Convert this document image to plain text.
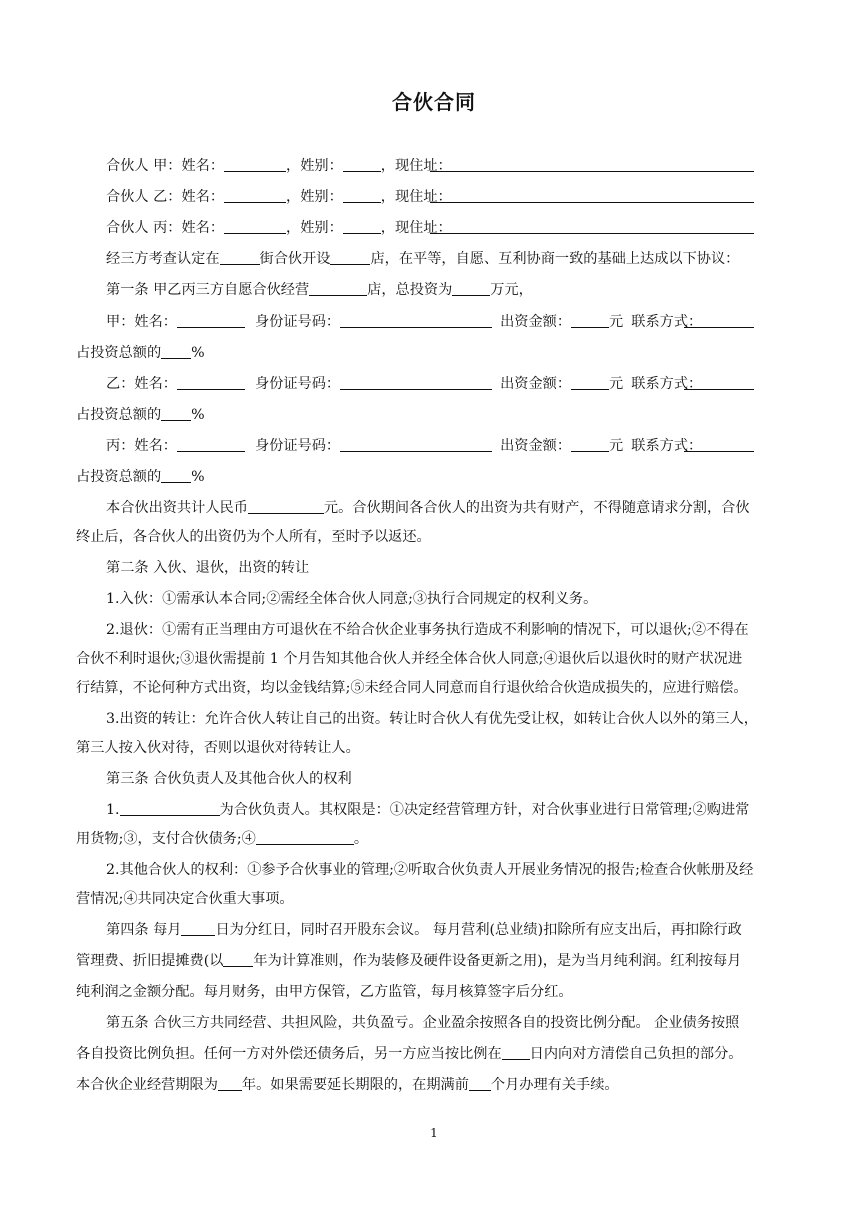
合伙合同
合伙人 甲：姓名：	，姓别：	，现住址：
合伙人 乙：姓名：	，姓别：	，现住址：
合伙人 丙：姓名：	，姓别：	，现住址：
经三方考查认定在	街合伙开设	店，在平等，自愿、互利协商一致的基础上达成以下协议：
第一条 甲乙丙三方自愿合伙经营	店，总投资为	万元，
甲：姓名：	身份证号码：	出资金额：	元 联系方式：
占投资总额的 %
乙：姓名：	身份证号码：	出资金额：	元 联系方式：
占投资总额的 %
丙：姓名：	身份证号码：	出资金额：	元 联系方式：
占投资总额的 %
本合伙出资共计人民币	元。合伙期间各合伙人的出资为共有财产，不得随意请求分割，合伙
终止后，各合伙人的出资仍为个人所有，至时予以返还。
第二条 入伙、退伙，出资的转让
1.入伙：①需承认本合同;②需经全体合伙人同意;③执行合同规定的权利义务。
2.退伙：①需有正当理由方可退伙在不给合伙企业事务执行造成不利影响的情况下，可以退伙;②不得在
合伙不利时退伙;③退伙需提前 1 个月告知其他合伙人并经全体合伙人同意;④退伙后以退伙时的财产状况进
行结算，不论何种方式出资，均以金钱结算;⑤未经合同人同意而自行退伙给合伙造成损失的，应进行赔偿。
3.出资的转让：允许合伙人转让自己的出资。转让时合伙人有优先受让权，如转让合伙人以外的第三人，
第三人按入伙对待，否则以退伙对待转让人。
第三条 合伙负责人及其他合伙人的权利
1.	为合伙负责人。其权限是：①决定经营管理方针，对合伙事业进行日常管理;②购进常
用货物;③，支付合伙债务;④	。
2.其他合伙人的权利：①参予合伙事业的管理;②听取合伙负责人开展业务情况的报告;检查合伙帐册及经
营情况;④共同决定合伙重大事项。
第四条 每月 日为分红日，同时召开股东会议。 每月营利(总业绩)扣除所有应支出后，再扣除行政
管理费、折旧提摊费(以 年为计算准则，作为装修及硬件设备更新之用)，是为当月纯利润。红利按每月
纯利润之金额分配。每月财务，由甲方保管，乙方监管，每月核算签字后分红。
第五条 合伙三方共同经营、共担风险，共负盈亏。企业盈余按照各自的投资比例分配。 企业债务按照
各自投资比例负担。任何一方对外偿还债务后，另一方应当按比例在 日内向对方清偿自己负担的部分。
本合伙企业经营期限为 年。如果需要延长期限的，在期满前 个月办理有关手续。
1
